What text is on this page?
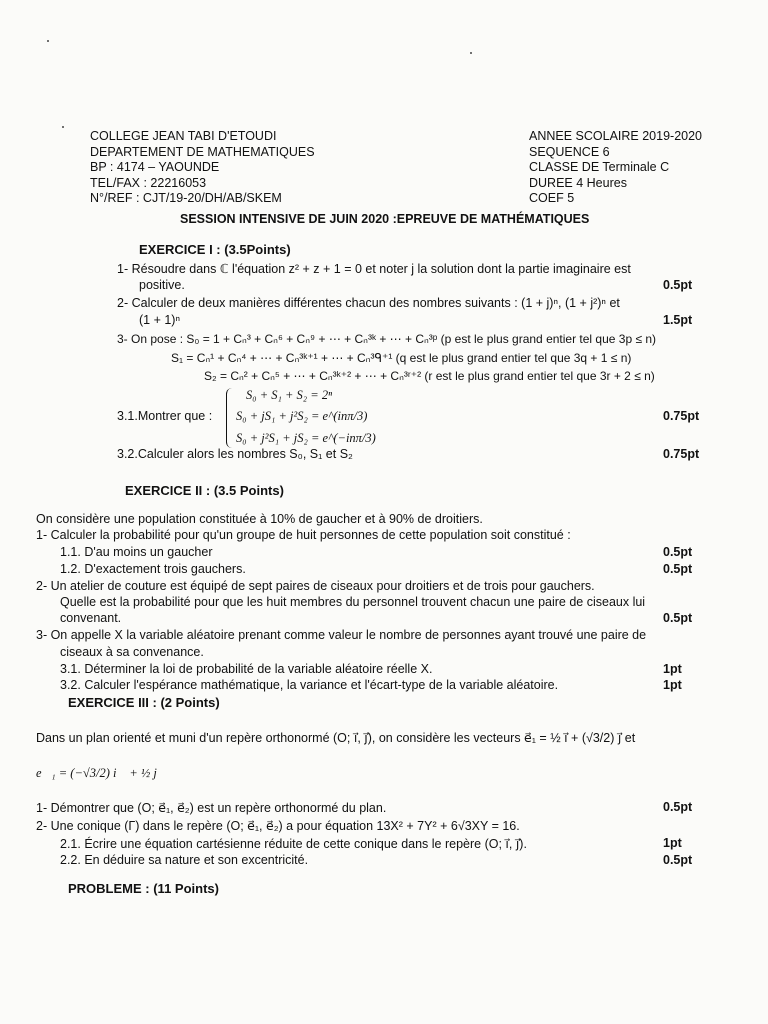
COLLEGE JEAN TABI D'ETOUDI
DEPARTEMENT DE MATHEMATIQUES
BP : 4174 – YAOUNDE
TEL/FAX : 22216053
N°/REF : CJT/19-20/DH/AB/SKEM
ANNEE SCOLAIRE 2019-2020
SEQUENCE 6
CLASSE DE Terminale C
DUREE 4 Heures
COEF 5
SESSION INTENSIVE DE JUIN 2020 :EPREUVE DE MATHÉMATIQUES
EXERCICE I : (3.5Points)
1- Résoudre dans ℂ l'équation z² + z + 1 = 0 et noter j la solution dont la partie imaginaire est
positive.	0.5pt
2- Calculer de deux manières différentes chacun des nombres suivants : (1 + j)ⁿ, (1 + j²)ⁿ et
(1 + 1)ⁿ	1.5pt
3- On pose : S₀ = 1 + Cₙ³ + Cₙ⁶ + Cₙ⁹ + ⋯ + Cₙ³ᵏ + ⋯ + Cₙ³ᵖ (p est le plus grand entier tel que 3p ≤ n)
S₁ = Cₙ¹ + Cₙ⁴ + ⋯ + Cₙ³ᵏ⁺¹ + ⋯ + Cₙ³ᑫ⁺¹ (q est le plus grand entier tel que 3q + 1 ≤ n)
S₂ = Cₙ² + Cₙ⁵ + ⋯ + Cₙ³ᵏ⁺² + ⋯ + Cₙ³ʳ⁺² (r est le plus grand entier tel que 3r + 2 ≤ n)
S₀ + S₁ + S₂ = 2ⁿ
3.1.Montrer que : S₀ + jS₁ + j²S₂ = e^(inπ/3)	0.75pt
S₀ + j²S₁ + jS₂ = e^(−inπ/3)
3.2.Calculer alors les nombres S₀, S₁ et S₂	0.75pt
EXERCICE II : (3.5 Points)
On considère une population constituée à 10% de gaucher et à 90% de droitiers.
1- Calculer la probabilité pour qu'un groupe de huit personnes de cette population soit constitué :
1.1. D'au moins un gaucher	0.5pt
1.2. D'exactement trois gauchers.	0.5pt
2- Un atelier de couture est équipé de sept paires de ciseaux pour droitiers et de trois pour gauchers.
Quelle est la probabilité pour que les huit membres du personnel trouvent chacun une paire de ciseaux lui
convenant.	0.5pt
3- On appelle X la variable aléatoire prenant comme valeur le nombre de personnes ayant trouvé une paire de
ciseaux à sa convenance.
3.1. Déterminer la loi de probabilité de la variable aléatoire réelle X.	1pt
3.2. Calculer l'espérance mathématique, la variance et l'écart-type de la variable aléatoire.	1pt
EXERCICE III : (2 Points)
Dans un plan orienté et muni d'un repère orthonormé (O; i⃗, j⃗), on considère les vecteurs e⃗₁ = ½ i⃗ + (√3/2) j⃗ et
e⃗₁ = (−√3/2) i⃗ + ½ j⃗
1- Démontrer que (O; e⃗₁, e⃗₂) est un repère orthonormé du plan.	0.5pt
2- Une conique (Γ) dans le repère (O; e⃗₁, e⃗₂) a pour équation 13X² + 7Y² + 6√3XY = 16.
2.1. Écrire une équation cartésienne réduite de cette conique dans le repère (O; i⃗, j⃗).	1pt
2.2. En déduire sa nature et son excentricité.	0.5pt
PROBLEME : (11 Points)
